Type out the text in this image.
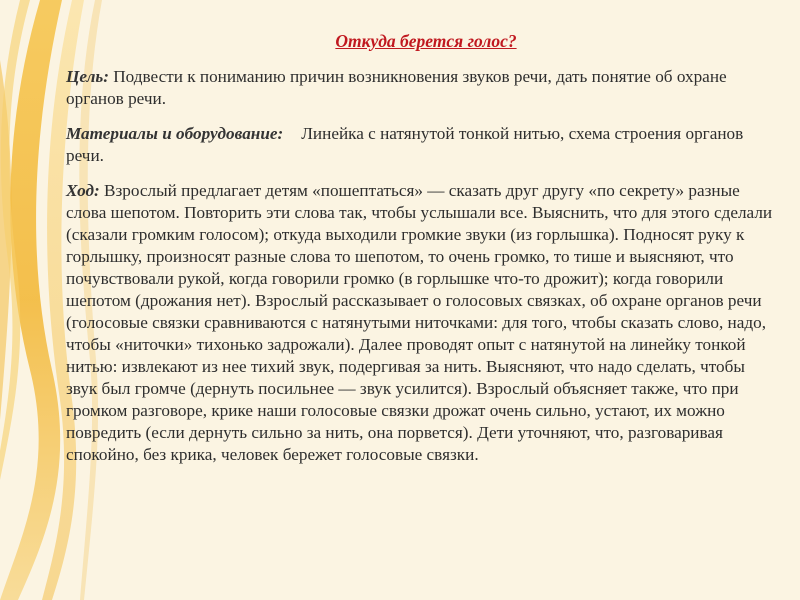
Откуда берется голос?

Цель: Подвести к пониманию причин возникновения звуков речи, дать понятие об охране органов речи.

Материалы и оборудование: Линейка с натянутой тонкой нитью, схема строения органов речи.

Ход: Взрослый предлагает детям «пошептаться» — сказать друг другу «по секрету» разные слова шепотом. Повторить эти слова так, чтобы услышали все. Выяснить, что для этого сделали (сказали громким голосом); откуда выходили громкие звуки (из горлышка). Подносят руку к горлышку, произносят разные слова то шепотом, то очень громко, то тише и выясняют, что почувствовали рукой, когда говорили громко (в горлышке что-то дрожит); когда говорили шепотом (дрожания нет). Взрослый рассказывает о голосовых связках, об охране органов речи (голосовые связки сравниваются с натянутыми ниточками: для того, чтобы сказать слово, надо, чтобы «ниточки» тихонько задрожали). Далее проводят опыт с натянутой на линейку тонкой нитью: извлекают из нее тихий звук, подергивая за нить. Выясняют, что надо сделать, чтобы звук был громче (дернуть посильнее — звук усилится). Взрослый объясняет также, что при громком разговоре, крике наши голосовые связки дрожат очень сильно, устают, их можно повредить (если дернуть сильно за нить, она порвется). Дети уточняют, что, разговаривая спокойно, без крика, человек бережет голосовые связки.
